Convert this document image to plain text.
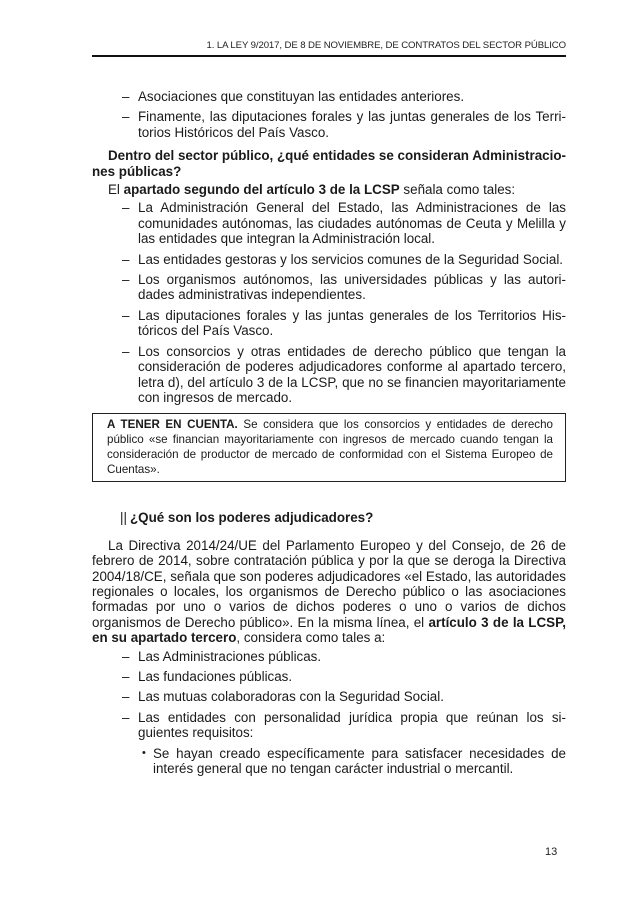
1. LA LEY 9/2017, DE 8 DE NOVIEMBRE, DE CONTRATOS DEL SECTOR PÚBLICO
– Asociaciones que constituyan las entidades anteriores.
– Finamente, las diputaciones forales y las juntas generales de los Territorios Históricos del País Vasco.

Dentro del sector público, ¿qué entidades se consideran Administraciones públicas?

El apartado segundo del artículo 3 de la LCSP señala como tales:

– La Administración General del Estado, las Administraciones de las comunidades autónomas, las ciudades autónomas de Ceuta y Melilla y las entidades que integran la Administración local.
– Las entidades gestoras y los servicios comunes de la Seguridad Social.
– Los organismos autónomos, las universidades públicas y las autoridades administrativas independientes.
– Las diputaciones forales y las juntas generales de los Territorios Históricos del País Vasco.
– Los consorcios y otras entidades de derecho público que tengan la consideración de poderes adjudicadores conforme al apartado tercero, letra d), del artículo 3 de la LCSP, que no se financien mayoritariamente con ingresos de mercado.
A TENER EN CUENTA. Se considera que los consorcios y entidades de derecho público «se financian mayoritariamente con ingresos de mercado cuando tengan la consideración de productor de mercado de conformidad con el Sistema Europeo de Cuentas».

|| ¿Qué son los poderes adjudicadores?

La Directiva 2014/24/UE del Parlamento Europeo y del Consejo, de 26 de febrero de 2014, sobre contratación pública y por la que se deroga la Directiva 2004/18/CE, señala que son poderes adjudicadores «el Estado, las autoridades regionales o locales, los organismos de Derecho público o las asociaciones formadas por uno o varios de dichos poderes o uno o varios de dichos organismos de Derecho público». En la misma línea, el artículo 3 de la LCSP, en su apartado tercero, considera como tales a:

– Las Administraciones públicas.
– Las fundaciones públicas.
– Las mutuas colaboradoras con la Seguridad Social.
– Las entidades con personalidad jurídica propia que reúnan los siguientes requisitos:
• Se hayan creado específicamente para satisfacer necesidades de interés general que no tengan carácter industrial o mercantil.
13
